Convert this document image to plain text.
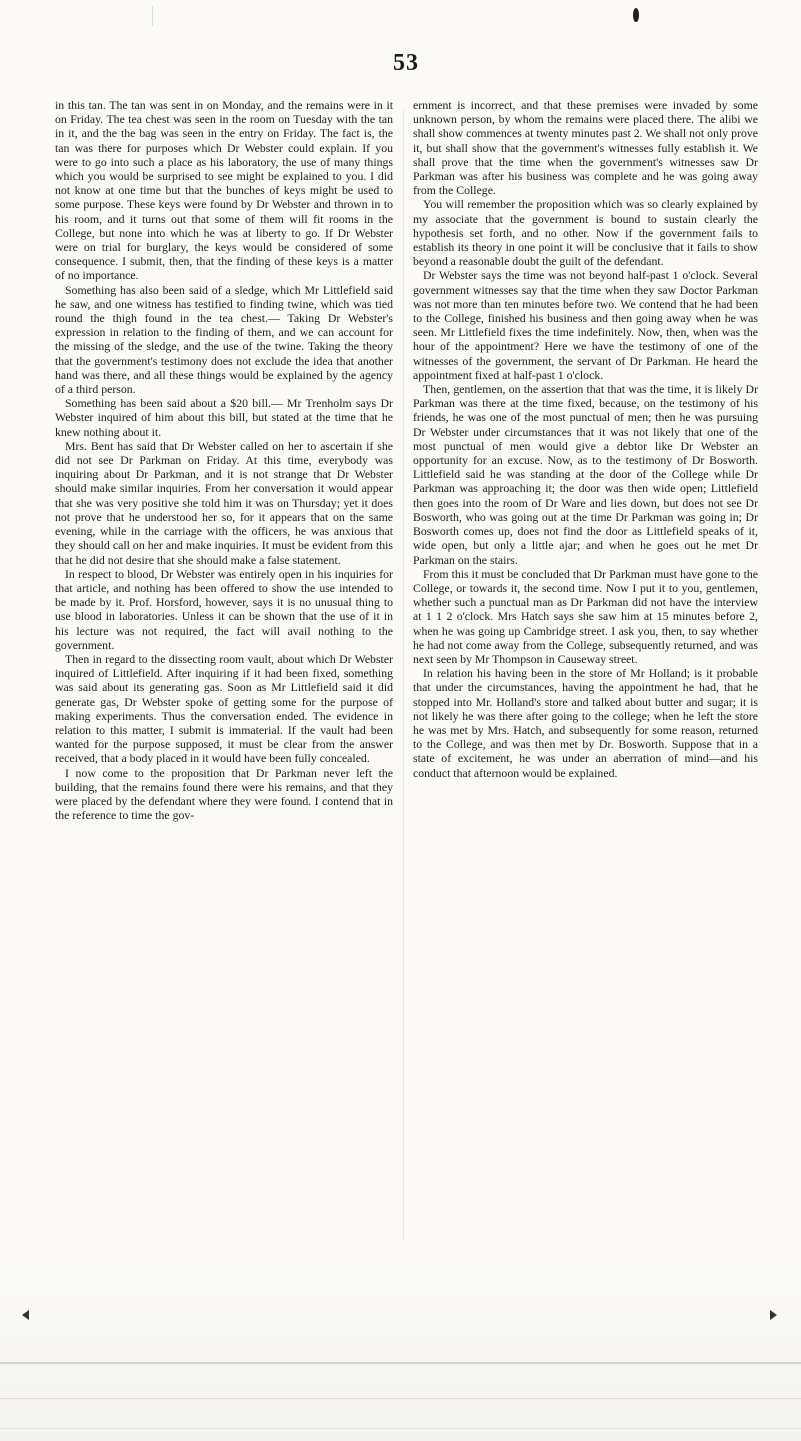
53

in this tan. The tan was sent in on Monday, and the remains were in it on Friday. The tea chest was seen in the room on Tuesday with the tan in it, and the the bag was seen in the entry on Friday. The fact is, the tan was there for purposes which Dr Webster could explain. If you were to go into such a place as his laboratory, the use of many things which you would be surprised to see might be explained to you. I did not know at one time but that the bunches of keys might be used to some purpose. These keys were found by Dr Webster and thrown in to his room, and it turns out that some of them will fit rooms in the College, but none into which he was at liberty to go. If Dr Webster were on trial for burglary, the keys would be considered of some consequence. I submit, then, that the finding of these keys is a matter of no importance.

Something has also been said of a sledge, which Mr Littlefield said he saw, and one witness has testified to finding twine, which was tied round the thigh found in the tea chest.— Taking Dr Webster's expression in relation to the finding of them, and we can account for the missing of the sledge, and the use of the twine. Taking the theory that the government's testimony does not exclude the idea that another hand was there, and all these things would be explained by the agency of a third person.

Something has been said about a $20 bill.— Mr Trenholm says Dr Webster inquired of him about this bill, but stated at the time that he knew nothing about it.

Mrs. Bent has said that Dr Webster called on her to ascertain if she did not see Dr Parkman on Friday. At this time, everybody was inquiring about Dr Parkman, and it is not strange that Dr Webster should make similar inquiries. From her conversation it would appear that she was very positive she told him it was on Thursday; yet it does not prove that he understood her so, for it appears that on the same evening, while in the carriage with the officers, he was anxious that they should call on her and make inquiries. It must be evident from this that he did not desire that she should make a false statement.

In respect to blood, Dr Webster was entirely open in his inquiries for that article, and nothing has been offered to show the use intended to be made by it. Prof. Horsford, however, says it is no unusual thing to use blood in laboratories. Unless it can be shown that the use of it in his lecture was not required, the fact will avail nothing to the government.

Then in regard to the dissecting room vault, about which Dr Webster inquired of Littlefield. After inquiring if it had been fixed, something was said about its generating gas. Soon as Mr Littlefield said it did generate gas, Dr Webster spoke of getting some for the purpose of making experiments. Thus the conversation ended. The evidence in relation to this matter, I submit is immaterial. If the vault had been wanted for the purpose supposed, it must be clear from the answer received, that a body placed in it would have been fully concealed.

I now come to the proposition that Dr Parkman never left the building, that the remains found there were his remains, and that they were placed by the defendant where they were found. I contend that in the reference to time the gov-

ernment is incorrect, and that these premises were invaded by some unknown person, by whom the remains were placed there. The alibi we shall show commences at twenty minutes past 2. We shall not only prove it, but shall show that the government's witnesses fully establish it. We shall prove that the time when the government's witnesses saw Dr Parkman was after his business was complete and he was going away from the College.

You will remember the proposition which was so clearly explained by my associate that the government is bound to sustain clearly the hypothesis set forth, and no other. Now if the government fails to establish its theory in one point it will be conclusive that it fails to show beyond a reasonable doubt the guilt of the defendant.

Dr Webster says the time was not beyond half-past 1 o'clock. Several government witnesses say that the time when they saw Doctor Parkman was not more than ten minutes before two. We contend that he had been to the College, finished his business and then going away when he was seen. Mr Littlefield fixes the time indefinitely. Now, then, when was the hour of the appointment? Here we have the testimony of one of the witnesses of the government, the servant of Dr Parkman. He heard the appointment fixed at half-past 1 o'clock.

Then, gentlemen, on the assertion that that was the time, it is likely Dr Parkman was there at the time fixed, because, on the testimony of his friends, he was one of the most punctual of men; then he was pursuing Dr Webster under circumstances that it was not likely that one of the most punctual of men would give a debtor like Dr Webster an opportunity for an excuse. Now, as to the testimony of Dr Bosworth. Littlefield said he was standing at the door of the College while Dr Parkman was approaching it; the door was then wide open; Littlefield then goes into the room of Dr Ware and lies down, but does not see Dr Bosworth, who was going out at the time Dr Parkman was going in; Dr Bosworth comes up, does not find the door as Littlefield speaks of it, wide open, but only a little ajar; and when he goes out he met Dr Parkman on the stairs.

From this it must be concluded that Dr Parkman must have gone to the College, or towards it, the second time. Now I put it to you, gentlemen, whether such a punctual man as Dr Parkman did not have the interview at 1 1 2 o'clock. Mrs Hatch says she saw him at 15 minutes before 2, when he was going up Cambridge street. I ask you, then, to say whether he had not come away from the College, subsequently returned, and was next seen by Mr Thompson in Causeway street.

In relation his having been in the store of Mr Holland; is it probable that under the circumstances, having the appointment he had, that he stopped into Mr. Holland's store and talked about butter and sugar; it is not likely he was there after going to the college; when he left the store he was met by Mrs. Hatch, and subsequently for some reason, returned to the College, and was then met by Dr. Bosworth. Suppose that in a state of excitement, he was under an aberration of mind—and his conduct that afternoon would be explained.
